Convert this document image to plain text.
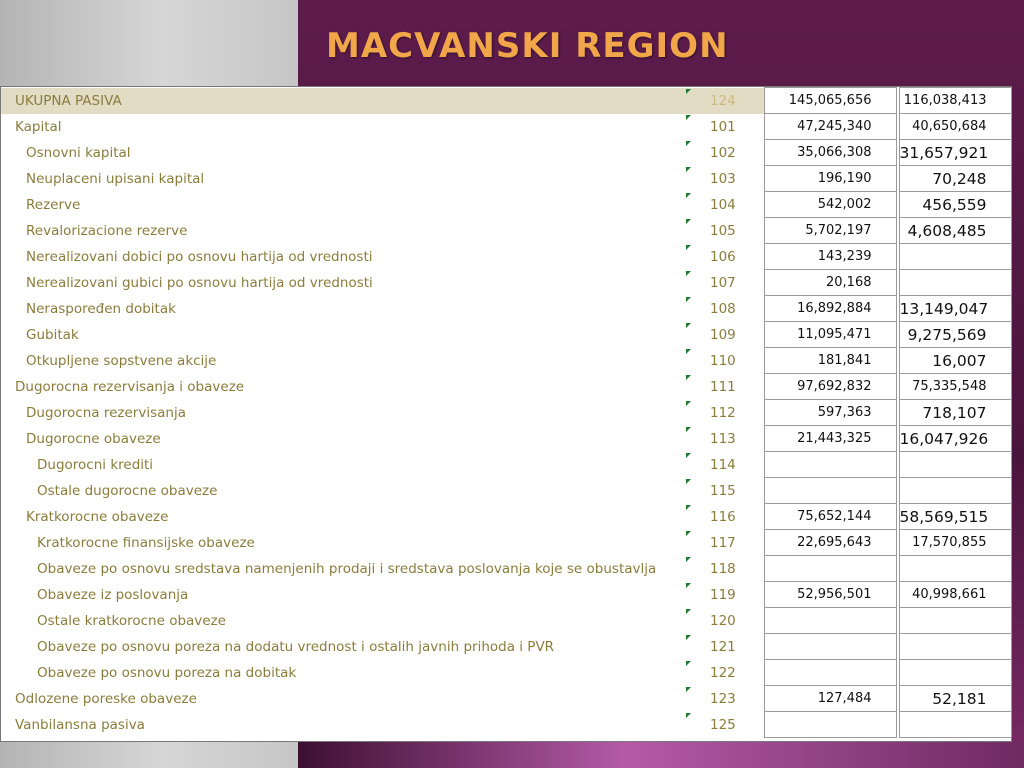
MACVANSKI REGION
UKUPNA PASIVA	124	145,065,656		116,038,413
Kapital	101	47,245,340		40,650,684
Osnovni kapital	102	35,066,308		31,657,921
Neuplaceni upisani kapital	103	196,190		70,248
Rezerve	104	542,002		456,559
Revalorizacione rezerve	105	5,702,197		4,608,485
Nerealizovani dobici po osnovu hartija od vrednosti	106	143,239		
Nerealizovani gubici po osnovu hartija od vrednosti	107	20,168		
Neraspoređen dobitak	108	16,892,884		13,149,047
Gubitak	109	11,095,471		9,275,569
Otkupljene sopstvene akcije	110	181,841		16,007
Dugorocna rezervisanja i obaveze	111	97,692,832		75,335,548
Dugorocna rezervisanja	112	597,363		718,107
Dugorocne obaveze	113	21,443,325		16,047,926
Dugorocni krediti	114			
Ostale dugorocne obaveze	115			
Kratkorocne obaveze	116	75,652,144		58,569,515
Kratkorocne finansijske obaveze	117	22,695,643		17,570,855
Obaveze po osnovu sredstava namenjenih prodaji i sredstava poslovanja koje se obustavlja	118			
Obaveze iz poslovanja	119	52,956,501		40,998,661
Ostale kratkorocne obaveze	120			
Obaveze po osnovu poreza na dodatu vrednost i ostalih javnih prihoda i PVR	121			
Obaveze po osnovu poreza na dobitak	122			
Odlozene poreske obaveze	123	127,484		52,181
Vanbilansna pasiva	125			
